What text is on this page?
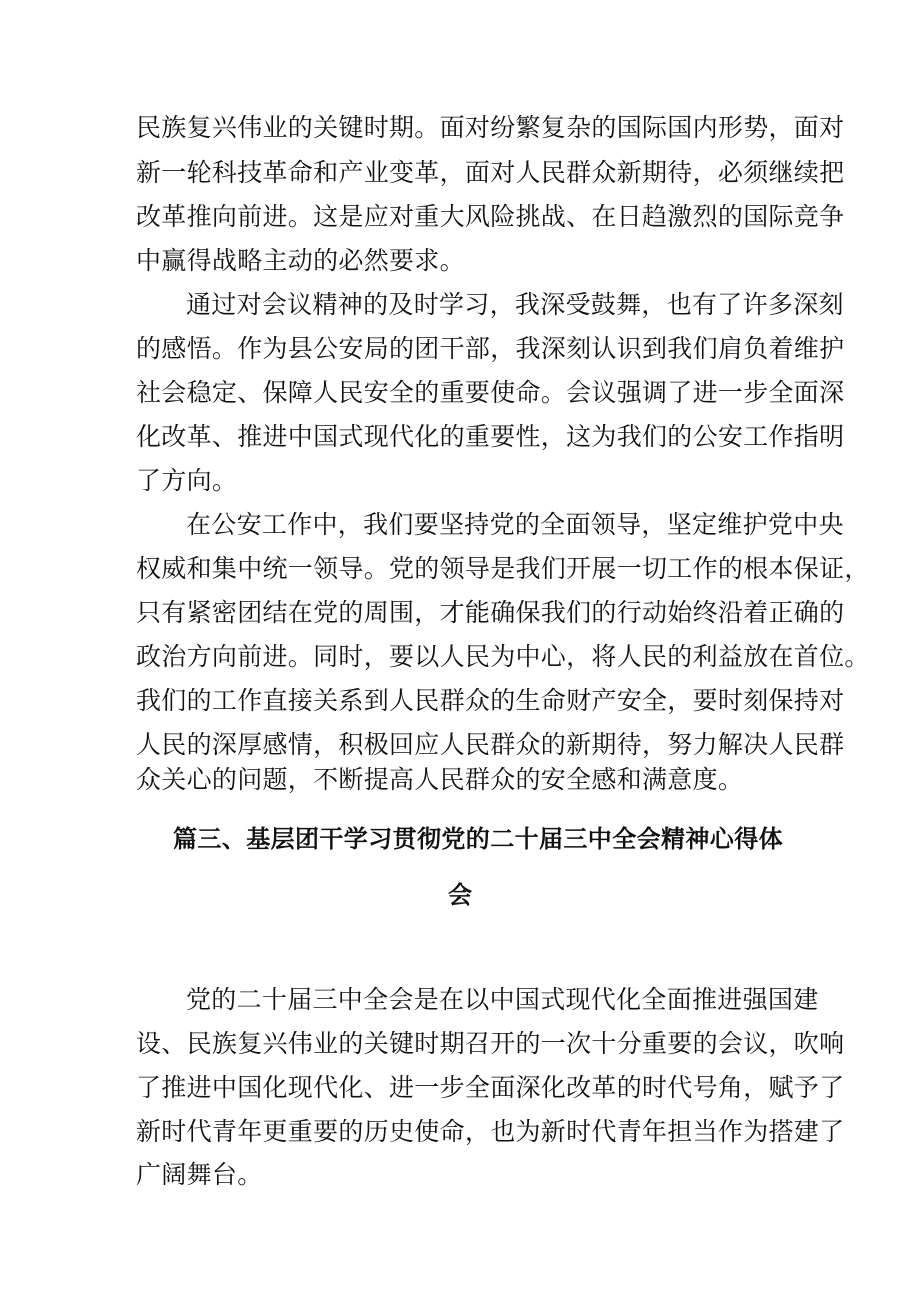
民族复兴伟业的关键时期。面对纷繁复杂的国际国内形势，面对
新一轮科技革命和产业变革，面对人民群众新期待，必须继续把
改革推向前进。这是应对重大风险挑战、在日趋激烈的国际竞争
中赢得战略主动的必然要求。
通过对会议精神的及时学习，我深受鼓舞，也有了许多深刻
的感悟。作为县公安局的团干部，我深刻认识到我们肩负着维护
社会稳定、保障人民安全的重要使命。会议强调了进一步全面深
化改革、推进中国式现代化的重要性，这为我们的公安工作指明
了方向。
在公安工作中，我们要坚持党的全面领导，坚定维护党中央
权威和集中统一领导。党的领导是我们开展一切工作的根本保证，
只有紧密团结在党的周围，才能确保我们的行动始终沿着正确的
政治方向前进。同时，要以人民为中心，将人民的利益放在首位。
我们的工作直接关系到人民群众的生命财产安全，要时刻保持对
人民的深厚感情，积极回应人民群众的新期待，努力解决人民群
众关心的问题，不断提高人民群众的安全感和满意度。
篇三、基层团干学习贯彻党的二十届三中全会精神心得体
会
党的二十届三中全会是在以中国式现代化全面推进强国建
设、民族复兴伟业的关键时期召开的一次十分重要的会议，吹响
了推进中国化现代化、进一步全面深化改革的时代号角，赋予了
新时代青年更重要的历史使命，也为新时代青年担当作为搭建了
广阔舞台。
